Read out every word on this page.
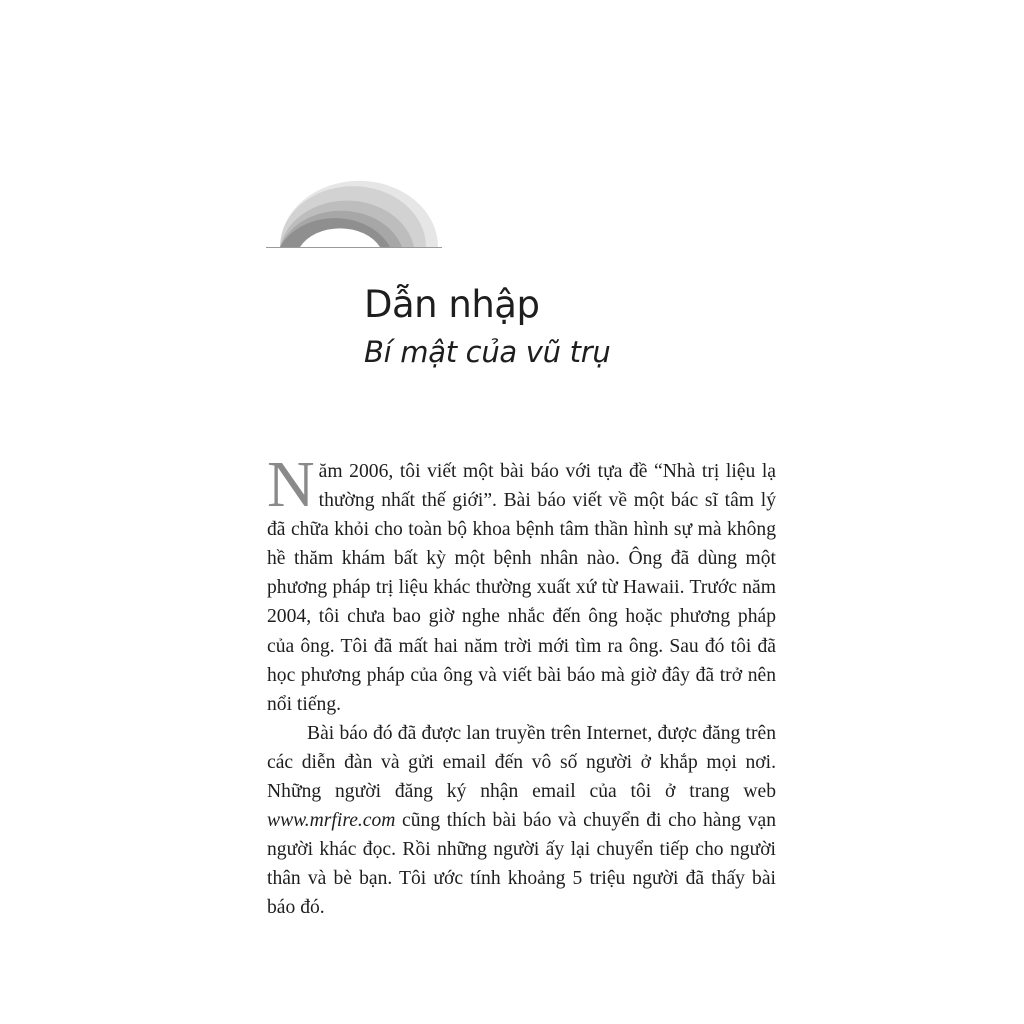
Dẫn nhập
Bí mật của vũ trụ

Năm 2006, tôi viết một bài báo với tựa đề “Nhà trị liệu lạ thường nhất thế giới”. Bài báo viết về một bác sĩ tâm lý đã chữa khỏi cho toàn bộ khoa bệnh tâm thần hình sự mà không hề thăm khám bất kỳ một bệnh nhân nào. Ông đã dùng một phương pháp trị liệu khác thường xuất xứ từ Hawaii. Trước năm 2004, tôi chưa bao giờ nghe nhắc đến ông hoặc phương pháp của ông. Tôi đã mất hai năm trời mới tìm ra ông. Sau đó tôi đã học phương pháp của ông và viết bài báo mà giờ đây đã trở nên nổi tiếng.

Bài báo đó đã được lan truyền trên Internet, được đăng trên các diễn đàn và gửi email đến vô số người ở khắp mọi nơi. Những người đăng ký nhận email của tôi ở trang web www.mrfire.com cũng thích bài báo và chuyển đi cho hàng vạn người khác đọc. Rồi những người ấy lại chuyển tiếp cho người thân và bè bạn. Tôi ước tính khoảng 5 triệu người đã thấy bài báo đó.
